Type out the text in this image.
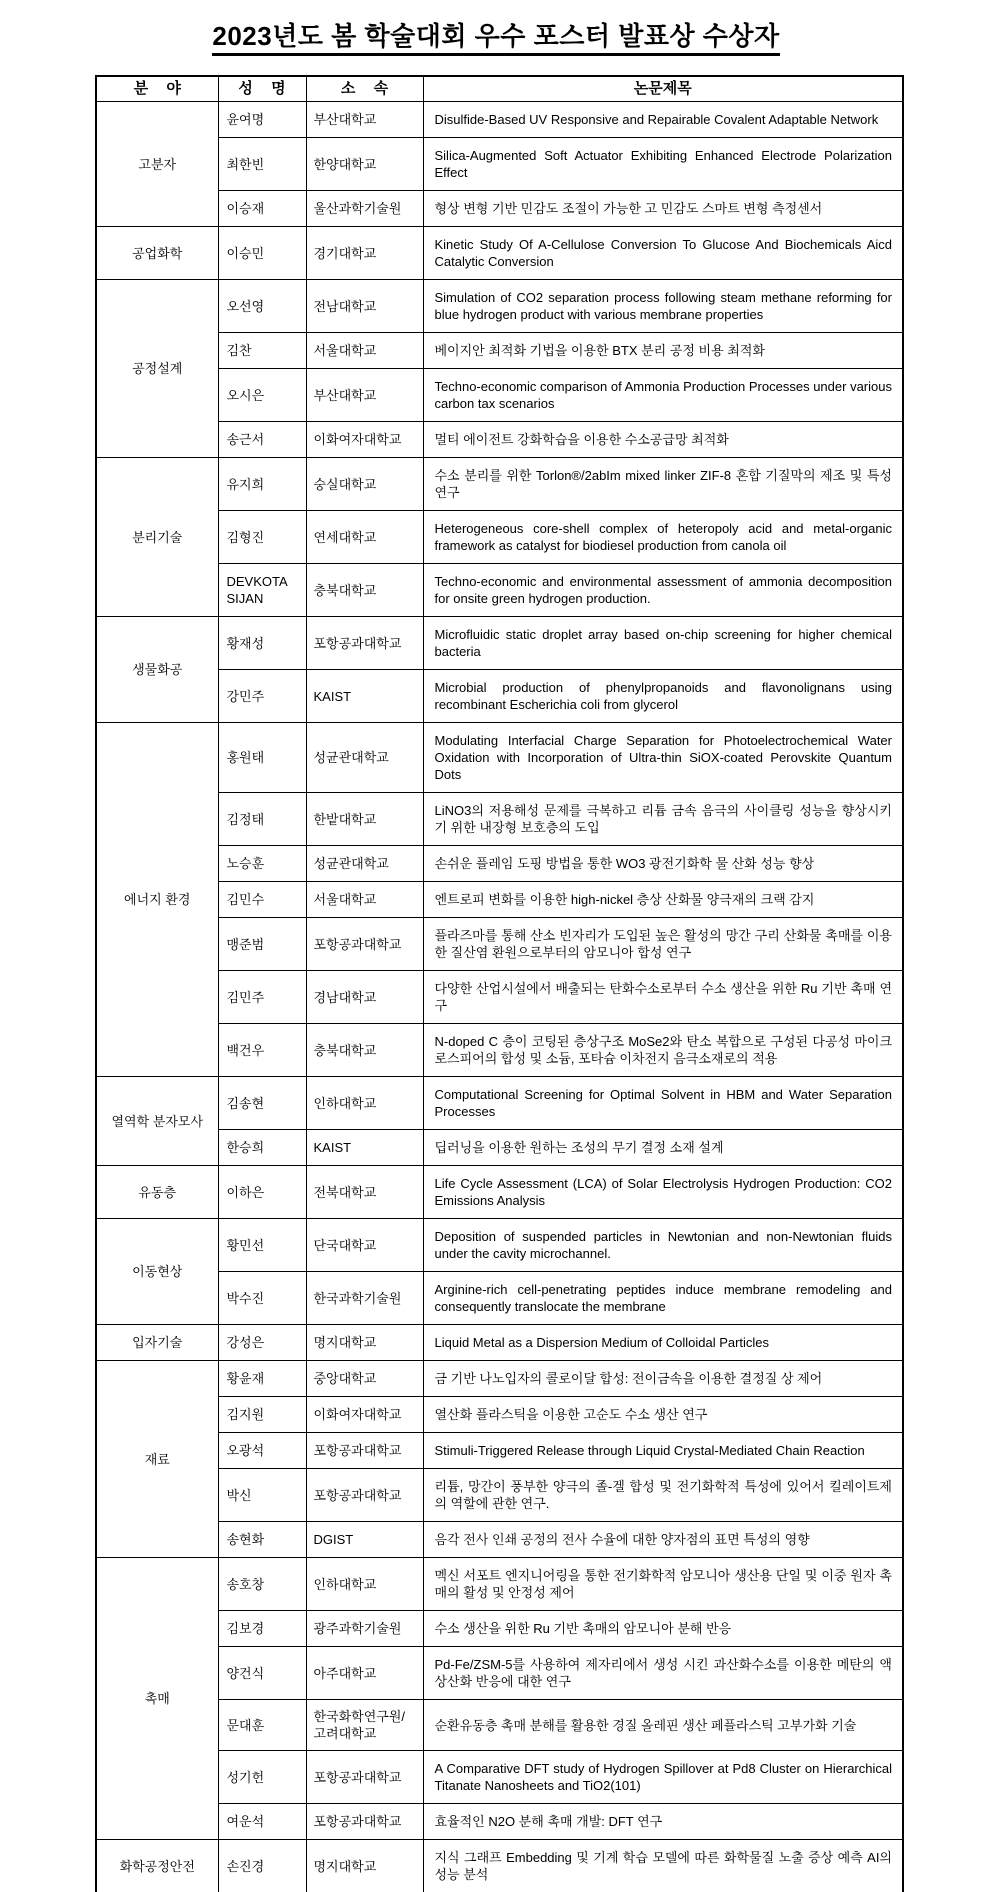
2023년도 봄 학술대회 우수 포스터 발표상 수상자
분 야	성 명	소 속	논문제목
고분자	윤여명	부산대학교	Disulfide-Based UV Responsive and Repairable Covalent Adaptable Network
	최한빈	한양대학교	Silica-Augmented Soft Actuator Exhibiting Enhanced Electrode Polarization Effect
	이승재	울산과학기술원	형상 변형 기반 민감도 조절이 가능한 고 민감도 스마트 변형 측정센서
공업화학	이승민	경기대학교	Kinetic Study Of A-Cellulose Conversion To Glucose And Biochemicals Aicd Catalytic Conversion
공정설계	오선영	전남대학교	Simulation of CO2 separation process following steam methane reforming for blue hydrogen product with various membrane properties
	김찬	서울대학교	베이지안 최적화 기법을 이용한 BTX 분리 공정 비용 최적화
	오시은	부산대학교	Techno-economic comparison of Ammonia Production Processes under various carbon tax scenarios
	송근서	이화여자대학교	멀티 에이전트 강화학습을 이용한 수소공급망 최적화
분리기술	유지희	숭실대학교	수소 분리를 위한 Torlon®/2abIm mixed linker ZIF-8 혼합 기질막의 제조 및 특성 연구
	김형진	연세대학교	Heterogeneous core-shell complex of heteropoly acid and metal-organic framework as catalyst for biodiesel production from canola oil
	DEVKOTA SIJAN	충북대학교	Techno-economic and environmental assessment of ammonia decomposition for onsite green hydrogen production.
생물화공	황재성	포항공과대학교	Microfluidic static droplet array based on-chip screening for higher chemical bacteria
	강민주	KAIST	Microbial production of phenylpropanoids and flavonolignans using recombinant Escherichia coli from glycerol
에너지 환경	홍원태	성균관대학교	Modulating Interfacial Charge Separation for Photoelectrochemical Water Oxidation with Incorporation of Ultra-thin SiOX-coated Perovskite Quantum Dots
	김정태	한밭대학교	LiNO3의 저용해성 문제를 극복하고 리튬 금속 음극의 사이클링 성능을 향상시키기 위한 내장형 보호층의 도입
	노승훈	성균관대학교	손쉬운 플레임 도핑 방법을 통한 WO3 광전기화학 물 산화 성능 향상
	김민수	서울대학교	엔트로피 변화를 이용한 high-nickel 층상 산화물 양극재의 크랙 감지
	맹준범	포항공과대학교	플라즈마를 통해 산소 빈자리가 도입된 높은 활성의 망간 구리 산화물 촉매를 이용한 질산염 환원으로부터의 암모니아 합성 연구
	김민주	경남대학교	다양한 산업시설에서 배출되는 탄화수소로부터 수소 생산을 위한 Ru 기반 촉매 연구
	백건우	충북대학교	N-doped C 층이 코팅된 층상구조 MoSe2와 탄소 복합으로 구성된 다공성 마이크로스피어의 합성 및 소듐, 포타슘 이차전지 음극소재로의 적용
열역학 분자모사	김송현	인하대학교	Computational Screening for Optimal Solvent in HBM and Water Separation Processes
	한승희	KAIST	딥러닝을 이용한 원하는 조성의 무기 결정 소재 설계
유동층	이하은	전북대학교	Life Cycle Assessment (LCA) of Solar Electrolysis Hydrogen Production: CO2 Emissions Analysis
이동현상	황민선	단국대학교	Deposition of suspended particles in Newtonian and non-Newtonian fluids under the cavity microchannel.
	박수진	한국과학기술원	Arginine-rich cell-penetrating peptides induce membrane remodeling and consequently translocate the membrane
입자기술	강성은	명지대학교	Liquid Metal as a Dispersion Medium of Colloidal Particles
재료	황윤재	중앙대학교	금 기반 나노입자의 콜로이달 합성: 전이금속을 이용한 결정질 상 제어
	김지원	이화여자대학교	열산화 플라스틱을 이용한 고순도 수소 생산 연구
	오광석	포항공과대학교	Stimuli-Triggered Release through Liquid Crystal-Mediated Chain Reaction
	박신	포항공과대학교	리튬, 망간이 풍부한 양극의 졸-겔 합성 및 전기화학적 특성에 있어서 킬레이트제의 역할에 관한 연구.
	송현화	DGIST	음각 전사 인쇄 공정의 전사 수율에 대한 양자점의 표면 특성의 영향
촉매	송호창	인하대학교	멕신 서포트 엔지니어링을 통한 전기화학적 암모니아 생산용 단일 및 이중 원자 촉매의 활성 및 안정성 제어
	김보경	광주과학기술원	수소 생산을 위한 Ru 기반 촉매의 암모니아 분해 반응
	양건식	아주대학교	Pd-Fe/ZSM-5를 사용하여 제자리에서 생성 시킨 과산화수소를 이용한 메탄의 액상산화 반응에 대한 연구
	문대훈	한국화학연구원/고려대학교	순환유동층 촉매 분해를 활용한 경질 올레핀 생산 페플라스틱 고부가화 기술
	성기헌	포항공과대학교	A Comparative DFT study of Hydrogen Spillover at Pd8 Cluster on Hierarchical Titanate Nanosheets and TiO2(101)
	여운석	포항공과대학교	효율적인 N2O 분해 촉매 개발: DFT 연구
화학공정안전	손진경	명지대학교	지식 그래프 Embedding 및 기계 학습 모델에 따른 화학물질 노출 증상 예측 AI의 성능 분석
